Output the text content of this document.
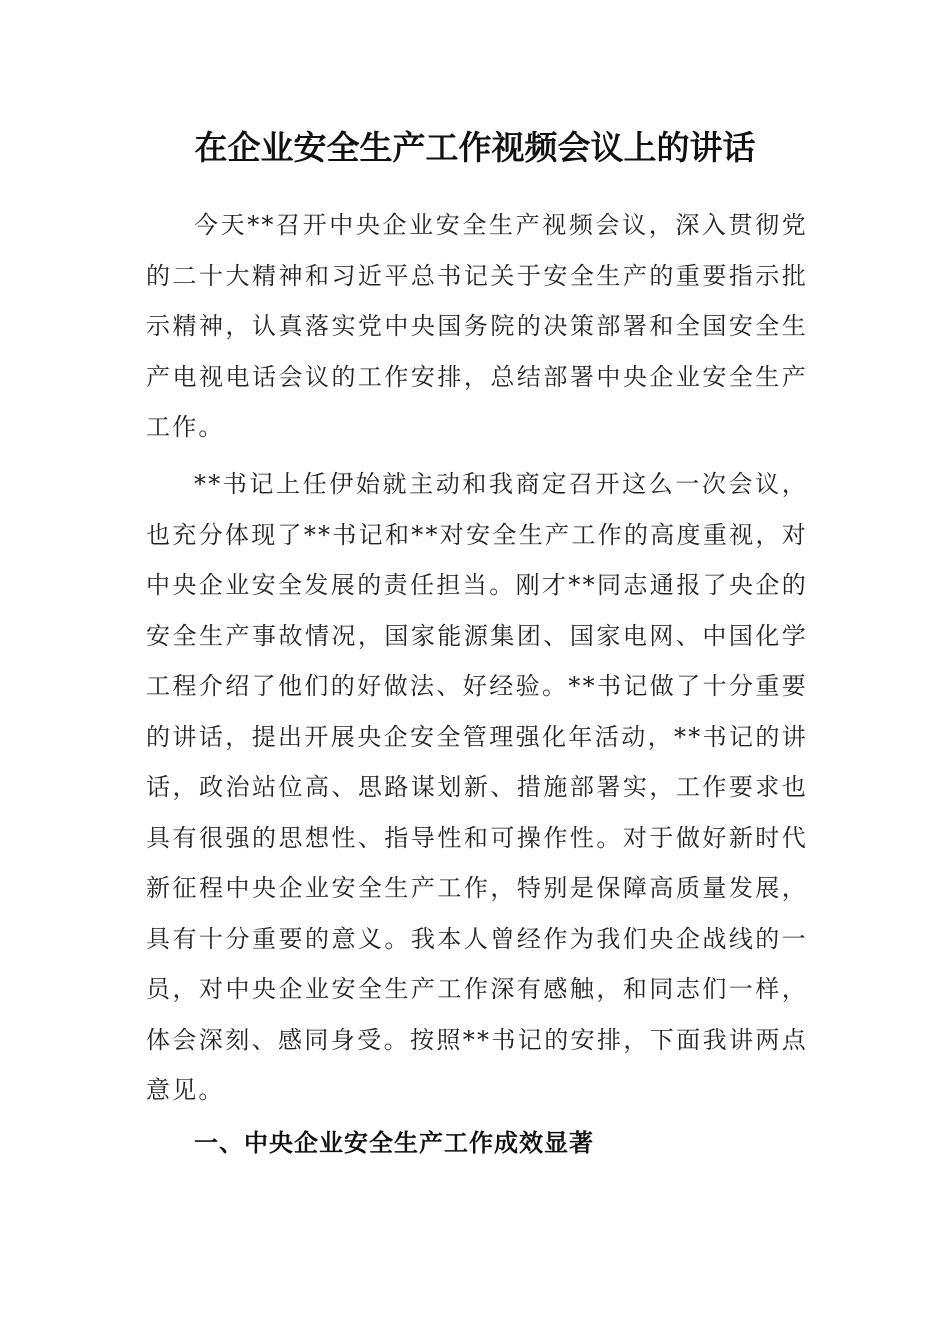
在企业安全生产工作视频会议上的讲话

今天**召开中央企业安全生产视频会议，深入贯彻党的二十大精神和习近平总书记关于安全生产的重要指示批示精神，认真落实党中央国务院的决策部署和全国安全生产电视电话会议的工作安排，总结部署中央企业安全生产工作。

**书记上任伊始就主动和我商定召开这么一次会议，也充分体现了**书记和**对安全生产工作的高度重视，对中央企业安全发展的责任担当。刚才**同志通报了央企的安全生产事故情况，国家能源集团、国家电网、中国化学工程介绍了他们的好做法、好经验。**书记做了十分重要的讲话，提出开展央企安全管理强化年活动，**书记的讲话，政治站位高、思路谋划新、措施部署实，工作要求也具有很强的思想性、指导性和可操作性。对于做好新时代新征程中央企业安全生产工作，特别是保障高质量发展，具有十分重要的意义。我本人曾经作为我们央企战线的一员，对中央企业安全生产工作深有感触，和同志们一样，体会深刻、感同身受。按照**书记的安排，下面我讲两点意见。

一、中央企业安全生产工作成效显著
